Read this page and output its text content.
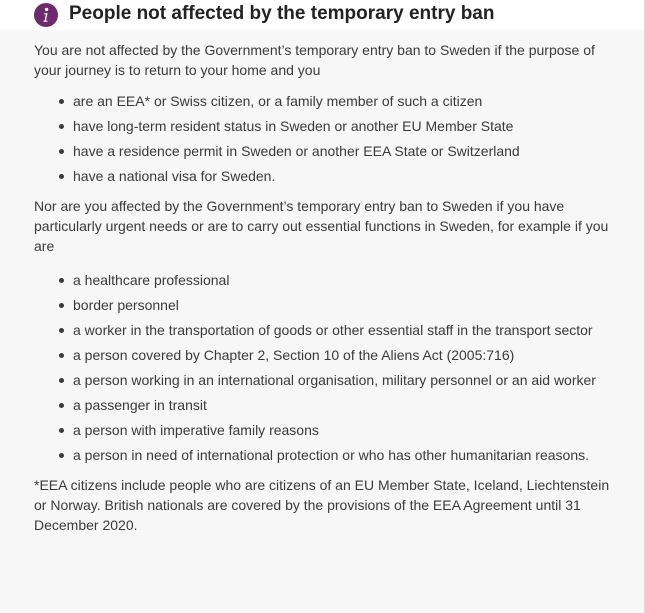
People not affected by the temporary entry ban

You are not affected by the Government’s temporary entry ban to Sweden if the purpose of your journey is to return to your home and you

are an EEA* or Swiss citizen, or a family member of such a citizen
have long-term resident status in Sweden or another EU Member State
have a residence permit in Sweden or another EEA State or Switzerland
have a national visa for Sweden.

Nor are you affected by the Government’s temporary entry ban to Sweden if you have particularly urgent needs or are to carry out essential functions in Sweden, for example if you are

a healthcare professional
border personnel
a worker in the transportation of goods or other essential staff in the transport sector
a person covered by Chapter 2, Section 10 of the Aliens Act (2005:716)
a person working in an international organisation, military personnel or an aid worker
a passenger in transit
a person with imperative family reasons
a person in need of international protection or who has other humanitarian reasons.

*EEA citizens include people who are citizens of an EU Member State, Iceland, Liechtenstein or Norway. British nationals are covered by the provisions of the EEA Agreement until 31 December 2020.
